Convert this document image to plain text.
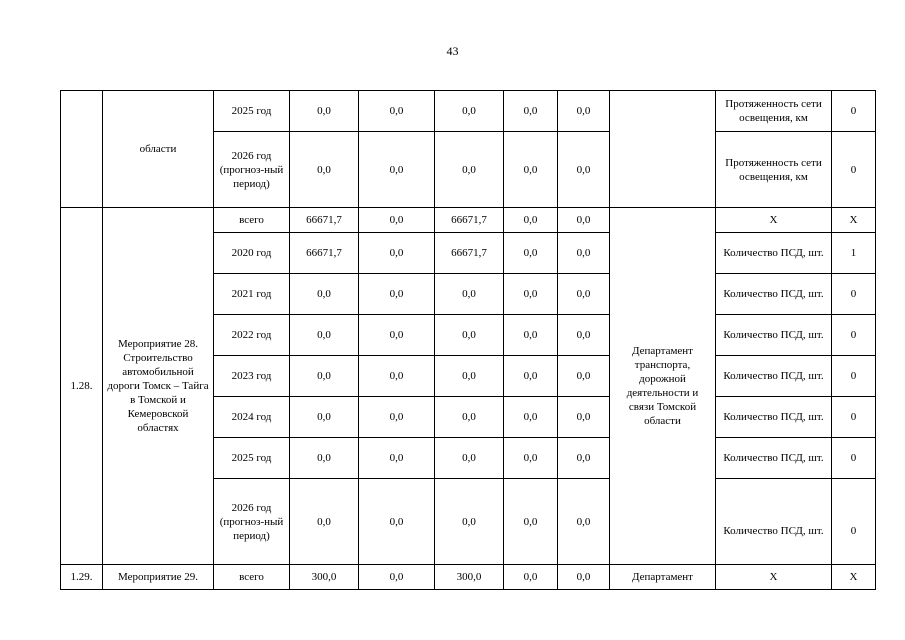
43
	области	2025 год	0,0	0,0	0,0	0,0	0,0		Протяженность сети освещения, км	0
		2026 год (прогноз-ный период)	0,0	0,0	0,0	0,0	0,0		Протяженность сети освещения, км	0
1.28.	Мероприятие 28. Строительство автомобильной дороги Томск – Тайга в Томской и Кемеровской областях	всего	66671,7	0,0	66671,7	0,0	0,0	Департамент транспорта, дорожной деятельности и связи Томской области	Х	Х
		2020 год	66671,7	0,0	66671,7	0,0	0,0		Количество ПСД, шт.	1
		2021 год	0,0	0,0	0,0	0,0	0,0		Количество ПСД, шт.	0
		2022 год	0,0	0,0	0,0	0,0	0,0		Количество ПСД, шт.	0
		2023 год	0,0	0,0	0,0	0,0	0,0		Количество ПСД, шт.	0
		2024 год	0,0	0,0	0,0	0,0	0,0		Количество ПСД, шт.	0
		2025 год	0,0	0,0	0,0	0,0	0,0		Количество ПСД, шт.	0
		2026 год (прогноз-ный период)	0,0	0,0	0,0	0,0	0,0		Количество ПСД, шт.	0
1.29.	Мероприятие 29.	всего	300,0	0,0	300,0	0,0	0,0	Департамент	Х	Х
